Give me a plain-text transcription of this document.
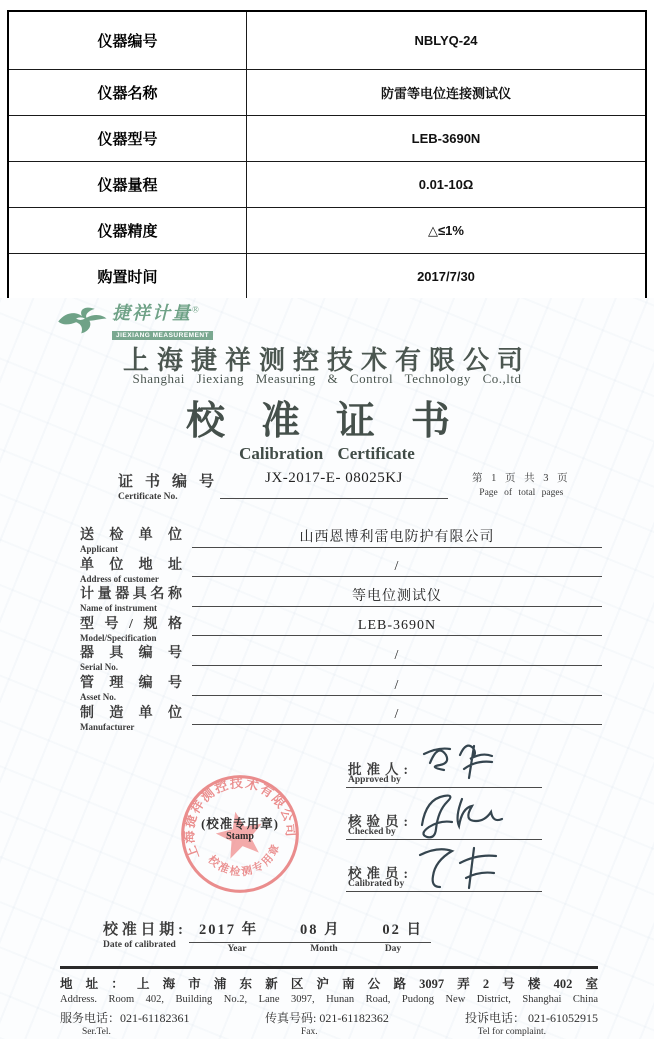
仪器编号	NBLYQ-24
仪器名称	防雷等电位连接测试仪
仪器型号	LEB-3690N
仪器量程	0.01-10Ω
仪器精度	△≤1%
购置时间	2017/7/30
捷祥计量®
JIEXIANG MEASUREMENT
上海捷祥测控技术有限公司
Shanghai Jiexiang Measuring & Control Technology Co.,ltd
校准证书
Calibration Certificate
证书编号
Certificate No.
JX-2017-E- 08025KJ	第 1 页 共 3 页
Page of total pages
送检单位
Applicant
山西恩博利雷电防护有限公司
单位地址
Address of customer
/
计量器具名称
Name of instrument
等电位测试仪
型号/规格
Model/Specification
LEB-3690N
器具编号
Serial No.
/
管理编号
Asset No.
/
制造单位
Manufacturer
/
上海捷祥测控技术有限公司
校准检测专用章
(校准专用章)
Stamp
批准人:
Approved by
核验员:
Checked by
校准员:
Calibrated by
校准日期:
Date of calibrated
2017 年	08 月	02 日
Year	Month	Day
地址：上海市浦东新区沪南公路3097弄2号楼402室
Address. Room 402, Building No.2, Lane 3097, Hunan Road, Pudong New District, Shanghai China
服务电话：021-61182361	传真号码: 021-61182362	投诉电话： 021-61052915
Ser.Tel.	Fax.	Tel for complaint.
